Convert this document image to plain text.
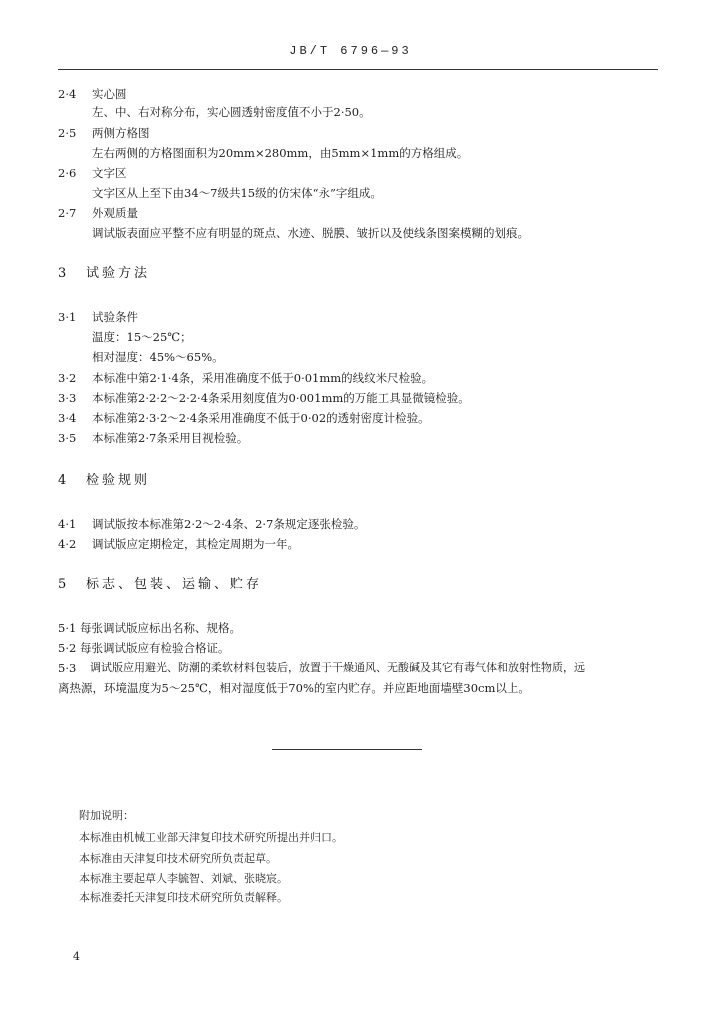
JB/T 6796—93
2·4 实心圆
左、中、右对称分布，实心圆透射密度值不小于2·50。
2·5 两侧方格图
左右两侧的方格图面积为20mm×280mm，由5mm×1mm的方格组成。
2·6 文字区
文字区从上至下由34～7级共15级的仿宋体“永”字组成。
2·7 外观质量
调试版表面应平整不应有明显的斑点、水迹、脱膜、皱折以及使线条图案模糊的划痕。
3 试验方法
3·1 试验条件
温度：15～25℃；
相对湿度：45%～65%。
3·2 本标准中第2·1·4条，采用准确度不低于0·01mm的线纹米尺检验。
3·3 本标准第2·2·2～2·2·4条采用刻度值为0·001mm的万能工具显微镜检验。
3·4 本标准第2·3·2～2·4条采用准确度不低于0·02的透射密度计检验。
3·5 本标准第2·7条采用目视检验。
4 检验规则
4·1 调试版按本标准第2·2～2·4条、2·7条规定逐张检验。
4·2 调试版应定期检定，其检定周期为一年。
5 标志、包装、运输、贮存
5·1 每张调试版应标出名称、规格。
5·2 每张调试版应有检验合格证。
5·3 调试版应用避光、防潮的柔软材料包装后，放置于干燥通风、无酸碱及其它有毒气体和放射性物质，远
离热源，环境温度为5～25℃，相对湿度低于70%的室内贮存。并应距地面墙壁30cm以上。
附加说明：
本标准由机械工业部天津复印技术研究所提出并归口。
本标准由天津复印技术研究所负责起草。
本标准主要起草人李毓智、刘斌、张晓宸。
本标准委托天津复印技术研究所负责解释。
4
